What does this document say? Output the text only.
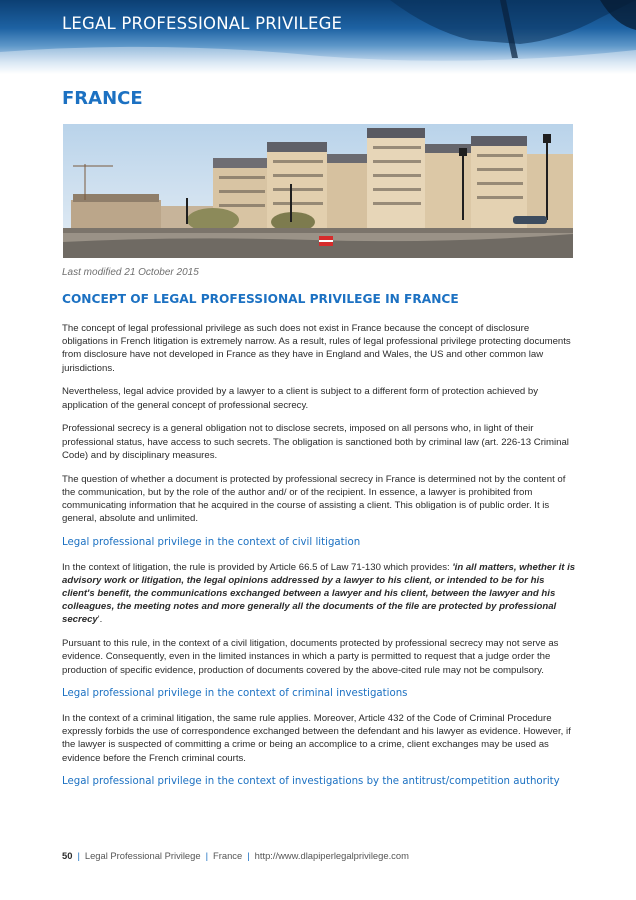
LEGAL PROFESSIONAL PRIVILEGE
FRANCE
Last modified 21 October 2015
CONCEPT OF LEGAL PROFESSIONAL PRIVILEGE IN FRANCE

The concept of legal professional privilege as such does not exist in France because the concept of disclosure obligations in French litigation is extremely narrow. As a result, rules of legal professional privilege protecting documents from disclosure have not developed in France as they have in England and Wales, the US and other common law jurisdictions.

Nevertheless, legal advice provided by a lawyer to a client is subject to a different form of protection achieved by application of the general concept of professional secrecy.

Professional secrecy is a general obligation not to disclose secrets, imposed on all persons who, in light of their professional status, have access to such secrets. The obligation is sanctioned both by criminal law (art. 226-13 Criminal Code) and by disciplinary measures.

The question of whether a document is protected by professional secrecy in France is determined not by the content of the communication, but by the role of the author and/ or of the recipient. In essence, a lawyer is prohibited from communicating information that he acquired in the course of assisting a client. This obligation is of public order. It is general, absolute and unlimited.

Legal professional privilege in the context of civil litigation

In the context of litigation, the rule is provided by Article 66.5 of Law 71-130 which provides: 'in all matters, whether it is advisory work or litigation, the legal opinions addressed by a lawyer to his client, or intended to be for his client's benefit, the communications exchanged between a lawyer and his client, between the lawyer and his colleagues, the meeting notes and more generally all the documents of the file are protected by professional secrecy'.

Pursuant to this rule, in the context of a civil litigation, documents protected by professional secrecy may not serve as evidence. Consequently, even in the limited instances in which a party is permitted to request that a judge order the production of specific evidence, production of documents covered by the above-cited rule may not be compulsory.

Legal professional privilege in the context of criminal investigations

In the context of a criminal litigation, the same rule applies. Moreover, Article 432 of the Code of Criminal Procedure expressly forbids the use of correspondence exchanged between the defendant and his lawyer as evidence. However, if the lawyer is suspected of committing a crime or being an accomplice to a crime, client exchanges may be used as evidence before the French criminal courts.

Legal professional privilege in the context of investigations by the antitrust/competition authority
50 | Legal Professional Privilege | France | http://www.dlapiperlegalprivilege.com
